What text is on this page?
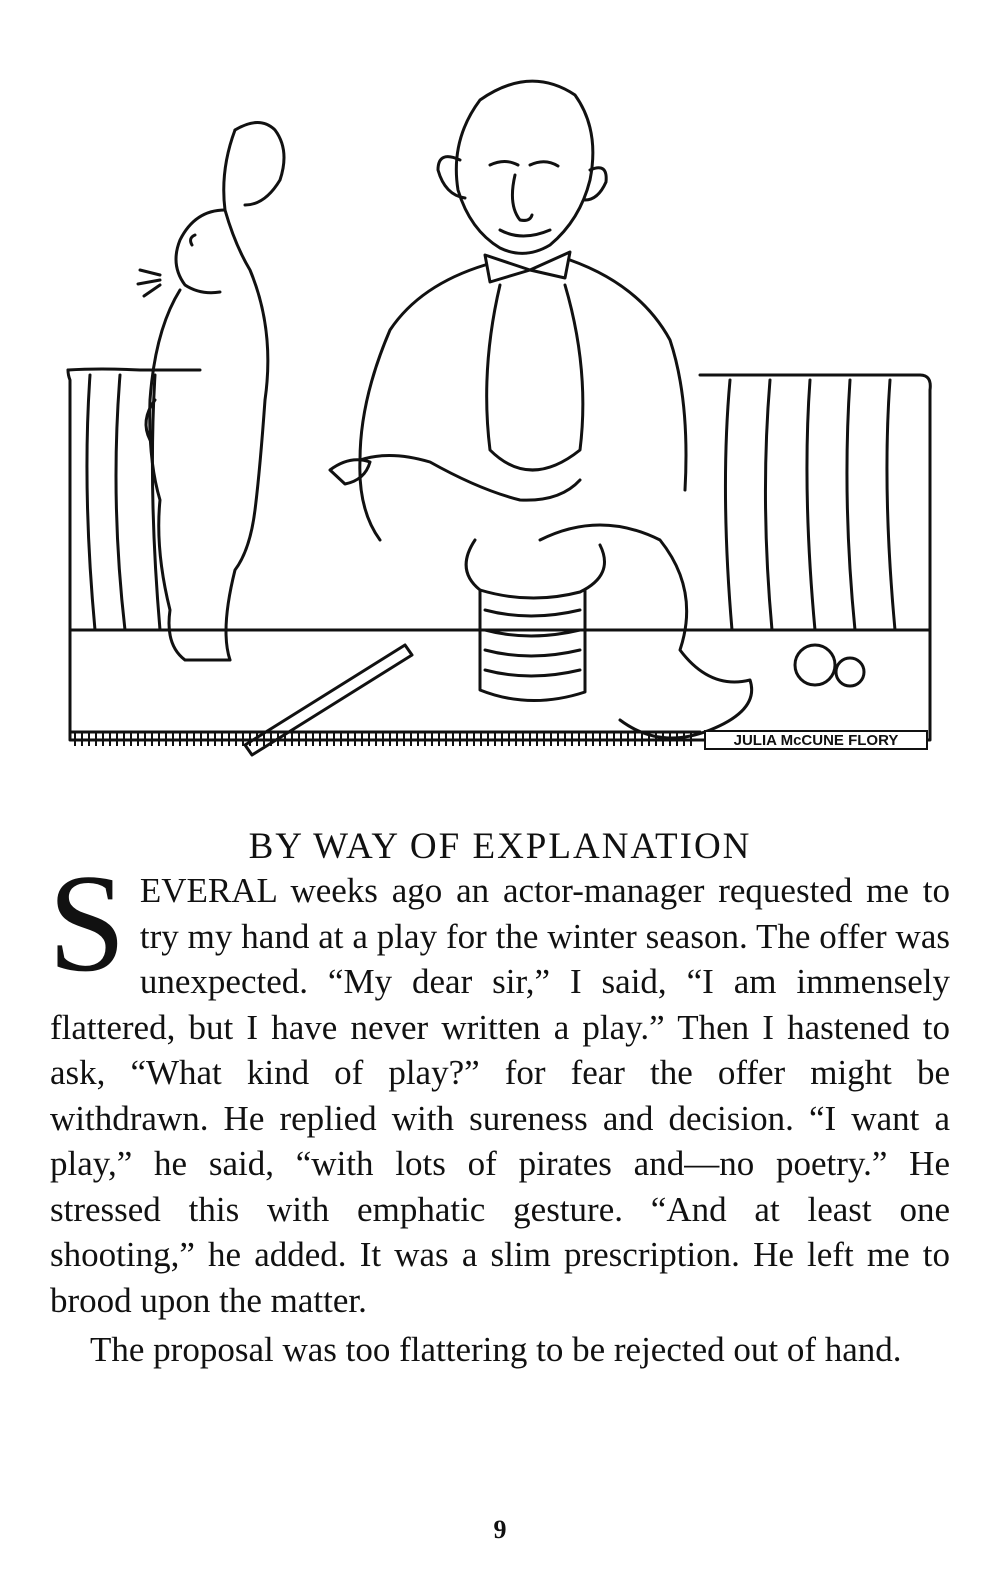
JULIA McCUNE FLORY
BY WAY OF EXPLANATION

SEVERAL weeks ago an actor-manager requested me to try my hand at a play for the winter season. The offer was unexpected. “My dear sir,” I said, “I am immensely flattered, but I have never written a play.” Then I hastened to ask, “What kind of play?” for fear the offer might be withdrawn. He replied with sureness and decision. “I want a play,” he said, “with lots of pirates and—no poetry.” He stressed this with emphatic gesture. “And at least one shooting,” he added. It was a slim prescription. He left me to brood upon the matter.

The proposal was too flattering to be rejected out of hand.

9
